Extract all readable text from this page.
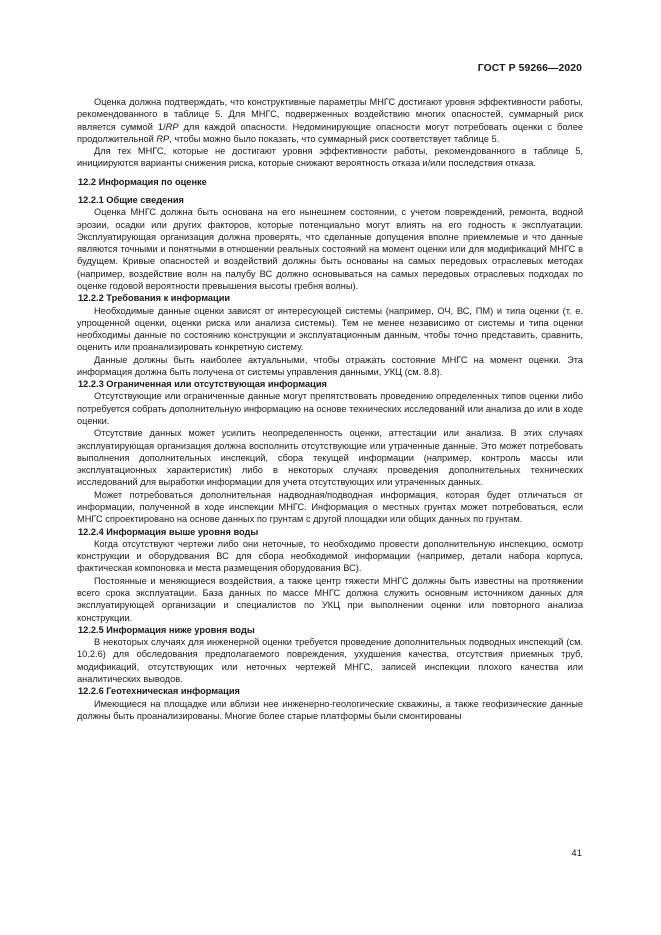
ГОСТ Р 59266—2020

Оценка должна подтверждать, что конструктивные параметры МНГС достигают уровня эффективности работы, рекомендованного в таблице 5. Для МНГС, подверженных воздействию многих опасностей, суммарный риск является суммой 1/RP для каждой опасности. Недоминирующие опасности могут потребовать оценки с более продолжительной RP, чтобы можно было показать, что суммарный риск соответствует таблице 5.

Для тех МНГС, которые не достигают уровня эффективности работы, рекомендованного в таблице 5, инициируются варианты снижения риска, которые снижают вероятность отказа и/или последствия отказа.

12.2 Информация по оценке

12.2.1 Общие сведения

Оценка МНГС должна быть основана на его нынешнем состоянии, с учетом повреждений, ремонта, водной эрозии, осадки или других факторов, которые потенциально могут влиять на его годность к эксплуатации. Эксплуатирующая организация должна проверять, что сделанные допущения вполне приемлемые и что данные являются точными и понятными в отношении реальных состояний на момент оценки или для модификаций МНГС в будущем. Кривые опасностей и воздействий должны быть основаны на самых передовых отраслевых методах (например, воздействие волн на палубу ВС должно основываться на самых передовых отраслевых подходах по оценке годовой вероятности превышения высоты гребня волны).

12.2.2 Требования к информации

Необходимые данные оценки зависят от интересующей системы (например, ОЧ, ВС, ПМ) и типа оценки (т. е. упрощенной оценки, оценки риска или анализа системы). Тем не менее независимо от системы и типа оценки необходимы данные по состоянию конструкции и эксплуатационным данным, чтобы точно представить, сравнить, оценить или проанализировать конкретную систему.

Данные должны быть наиболее актуальными, чтобы отражать состояние МНГС на момент оценки. Эта информация должна быть получена от системы управления данными, УКЦ (см. 8.8).

12.2.3 Ограниченная или отсутствующая информация

Отсутствующие или ограниченные данные могут препятствовать проведению определенных типов оценки либо потребуется собрать дополнительную информацию на основе технических исследований или анализа до или в ходе оценки.

Отсутствие данных может усилить неопределенность оценки, аттестации или анализа. В этих случаях эксплуатирующая организация должна восполнить отсутствующие или утраченные данные. Это может потребовать выполнения дополнительных инспекций, сбора текущей информации (например, контроль массы или эксплуатационных характеристик) либо в некоторых случаях проведения дополнительных технических исследований для выработки информации для учета отсутствующих или утраченных данных.

Может потребоваться дополнительная надводная/подводная информация, которая будет отличаться от информации, полученной в ходе инспекции МНГС. Информация о местных грунтах может потребоваться, если МНГС спроектировано на основе данных по грунтам с другой площадки или общих данных по грунтам.

12.2.4 Информация выше уровня воды

Когда отсутствуют чертежи либо они неточные, то необходимо провести дополнительную инспекцию, осмотр конструкции и оборудования ВС для сбора необходимой информации (например, детали набора корпуса, фактическая компоновка и места размещения оборудования ВС).

Постоянные и меняющиеся воздействия, а также центр тяжести МНГС должны быть известны на протяжении всего срока эксплуатации. База данных по массе МНГС должна служить основным источником данных для эксплуатирующей организации и специалистов по УКЦ при выполнении оценки или повторного анализа конструкции.

12.2.5 Информация ниже уровня воды

В некоторых случаях для инженерной оценки требуется проведение дополнительных подводных инспекций (см. 10.2.6) для обследования предполагаемого повреждения, ухудшения качества, отсутствия приемных труб, модификаций, отсутствующих или неточных чертежей МНГС, записей инспекции плохого качества или аналитических выводов.

12.2.6 Геотехническая информация

Имеющиеся на площадке или вблизи нее инженерно-геологические скважины, а также геофизические данные должны быть проанализированы. Многие более старые платформы были смонтированы

41
